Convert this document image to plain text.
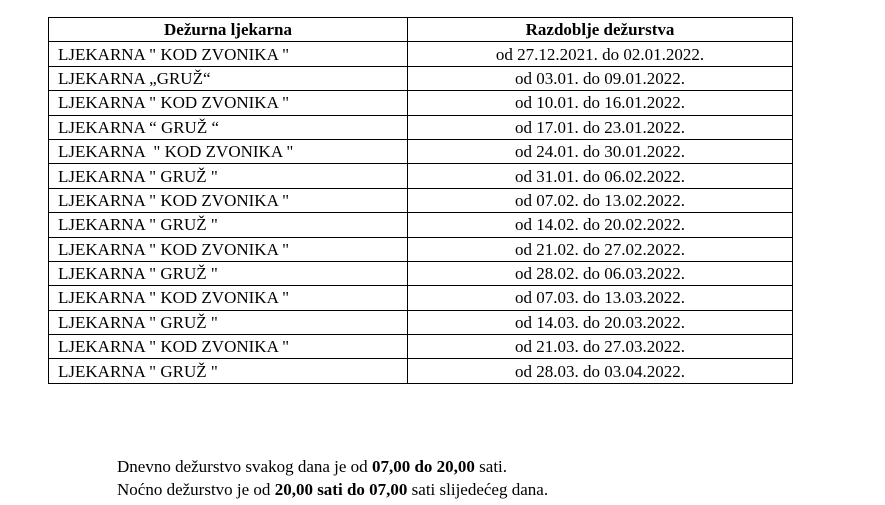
Dežurna ljekarna	Razdoblje dežurstva
LJEKARNA " KOD ZVONIKA "	od 27.12.2021. do 02.01.2022.
LJEKARNA „GRUŽ“	od 03.01. do 09.01.2022.
LJEKARNA " KOD ZVONIKA "	od 10.01. do 16.01.2022.
LJEKARNA “ GRUŽ “	od 17.01. do 23.01.2022.
LJEKARNA  " KOD ZVONIKA "	od 24.01. do 30.01.2022.
LJEKARNA " GRUŽ "	od 31.01. do 06.02.2022.
LJEKARNA " KOD ZVONIKA "	od 07.02. do 13.02.2022.
LJEKARNA " GRUŽ "	od 14.02. do 20.02.2022.
LJEKARNA " KOD ZVONIKA "	od 21.02. do 27.02.2022.
LJEKARNA " GRUŽ "	od 28.02. do 06.03.2022.
LJEKARNA " KOD ZVONIKA "	od 07.03. do 13.03.2022.
LJEKARNA " GRUŽ "	od 14.03. do 20.03.2022.
LJEKARNA " KOD ZVONIKA "	od 21.03. do 27.03.2022.
LJEKARNA " GRUŽ "	od 28.03. do 03.04.2022.

Dnevno dežurstvo svakog dana je od 07,00 do 20,00 sati.

Noćno dežurstvo je od 20,00 sati do 07,00 sati slijedećeg dana.
